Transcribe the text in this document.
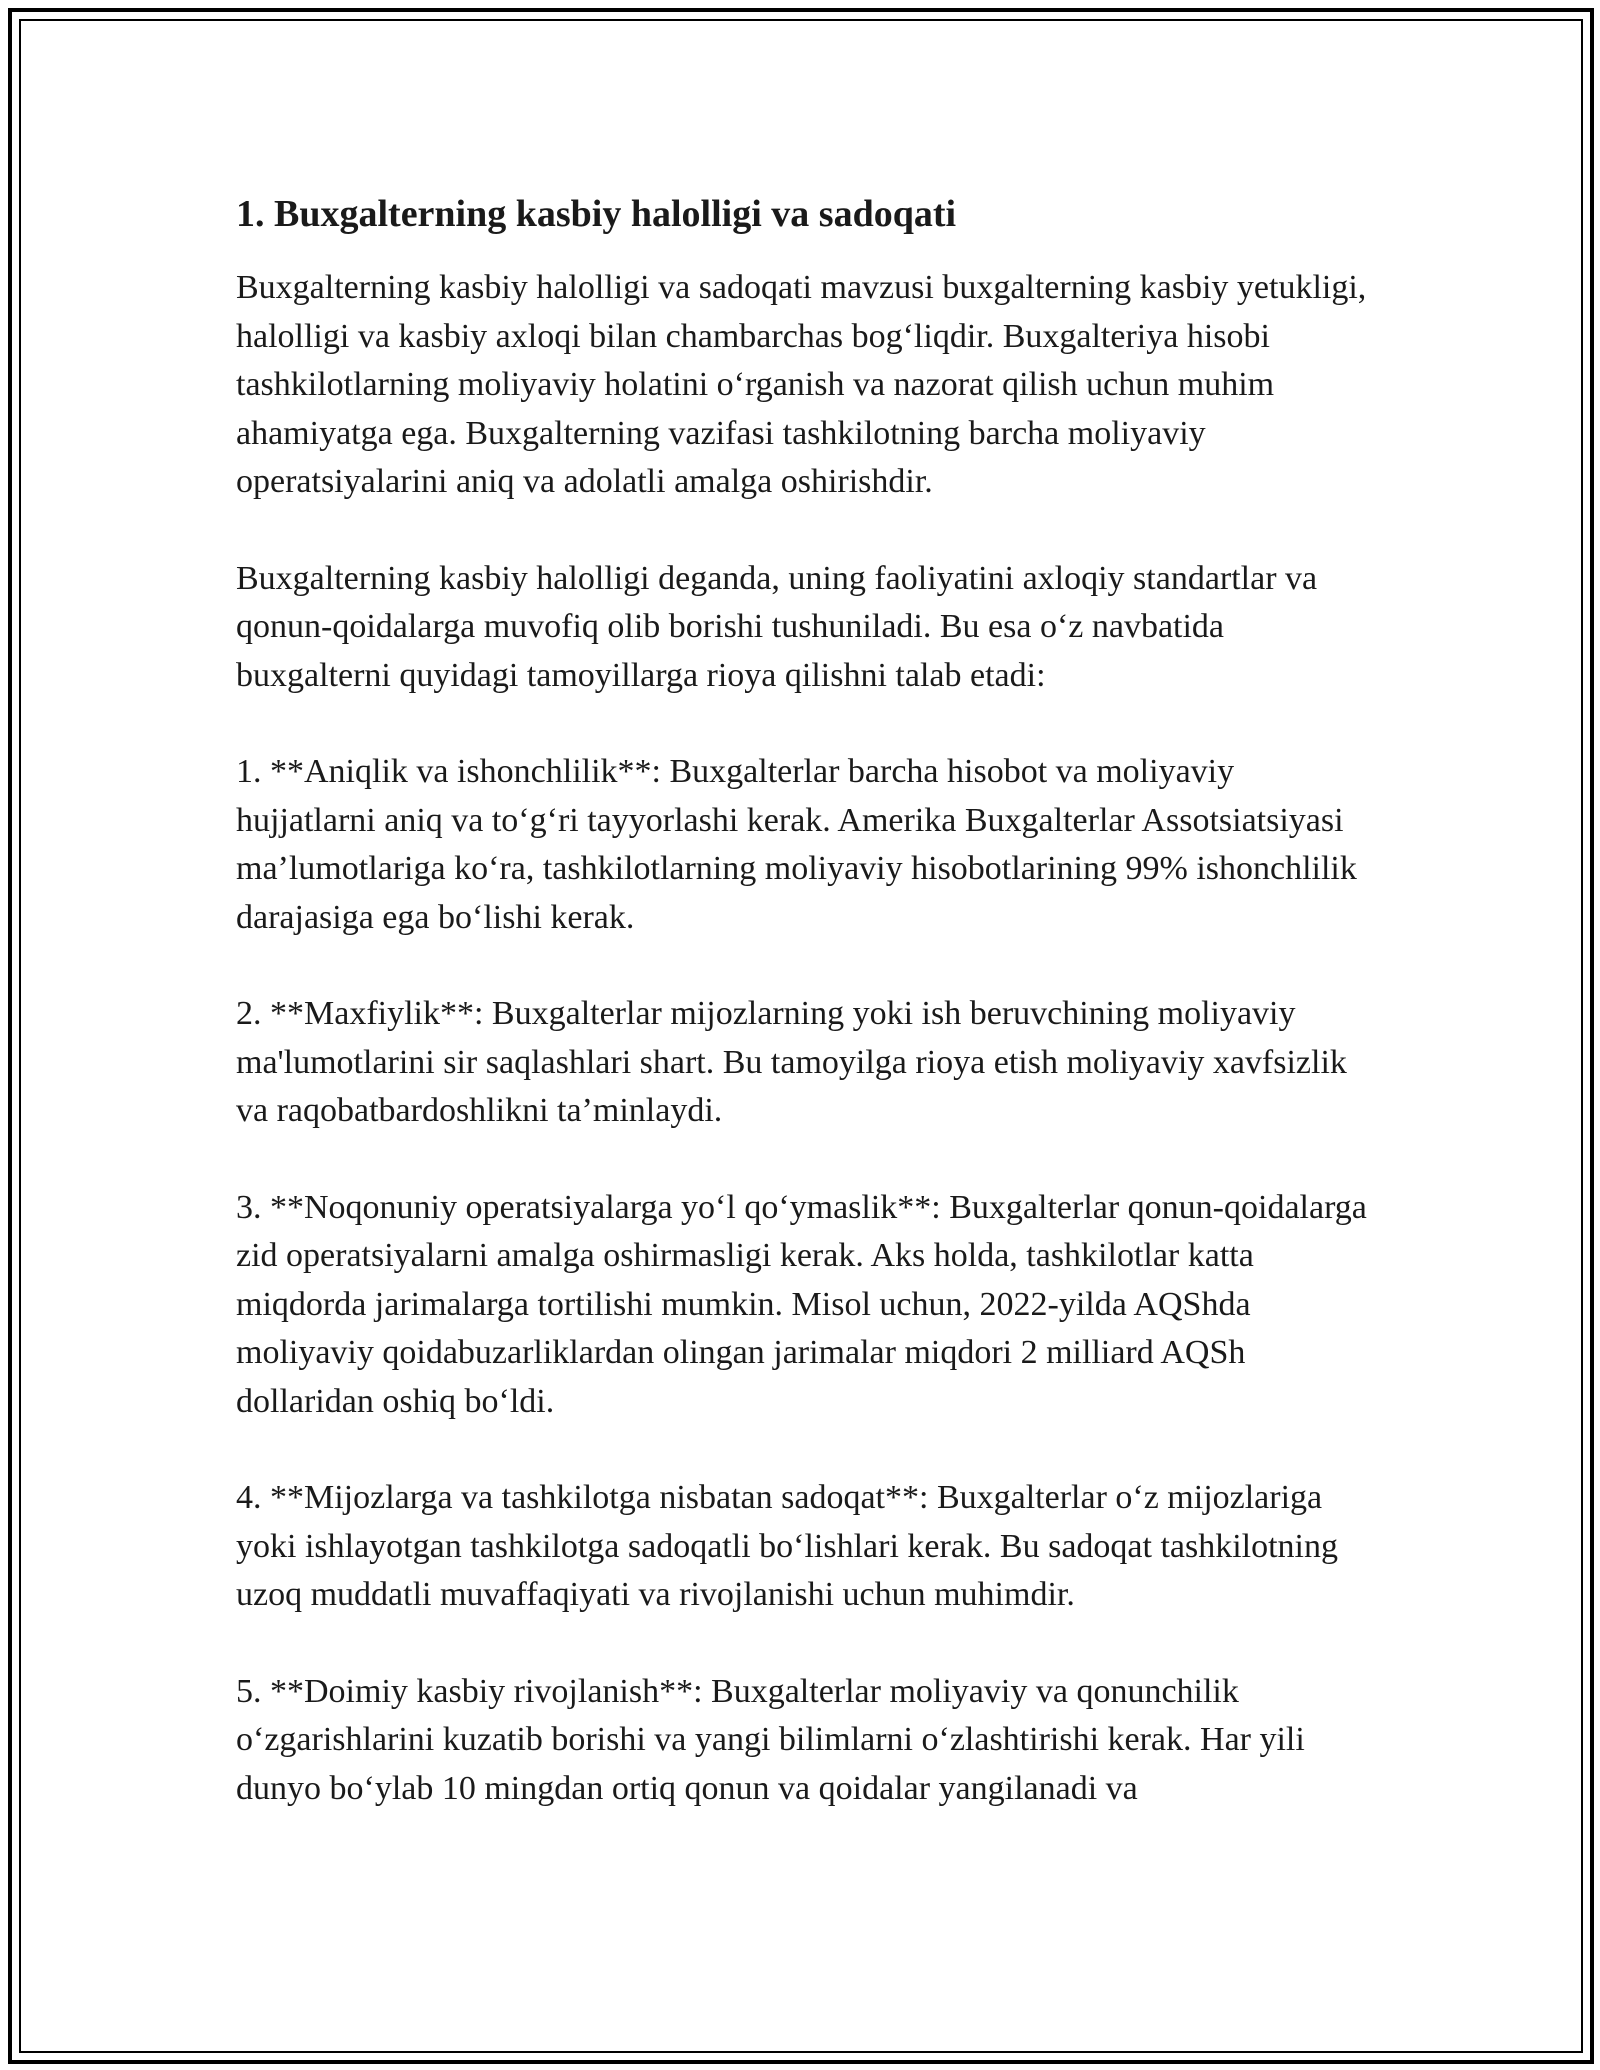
1. Buxgalterning kasbiy halolligi va sadoqati

Buxgalterning kasbiy halolligi va sadoqati mavzusi buxgalterning kasbiy yetukligi, halolligi va kasbiy axloqi bilan chambarchas bog‘liqdir. Buxgalteriya hisobi tashkilotlarning moliyaviy holatini o‘rganish va nazorat qilish uchun muhim ahamiyatga ega. Buxgalterning vazifasi tashkilotning barcha moliyaviy operatsiyalarini aniq va adolatli amalga oshirishdir.

Buxgalterning kasbiy halolligi deganda, uning faoliyatini axloqiy standartlar va qonun-qoidalarga muvofiq olib borishi tushuniladi. Bu esa o‘z navbatida buxgalterni quyidagi tamoyillarga rioya qilishni talab etadi:

1. **Aniqlik va ishonchlilik**: Buxgalterlar barcha hisobot va moliyaviy hujjatlarni aniq va to‘g‘ri tayyorlashi kerak. Amerika Buxgalterlar Assotsiatsiyasi ma’lumotlariga ko‘ra, tashkilotlarning moliyaviy hisobotlarining 99% ishonchlilik darajasiga ega bo‘lishi kerak.

2. **Maxfiylik**: Buxgalterlar mijozlarning yoki ish beruvchining moliyaviy ma'lumotlarini sir saqlashlari shart. Bu tamoyilga rioya etish moliyaviy xavfsizlik va raqobatbardoshlikni ta’minlaydi.

3. **Noqonuniy operatsiyalarga yo‘l qo‘ymaslik**: Buxgalterlar qonun-qoidalarga zid operatsiyalarni amalga oshirmasligi kerak. Aks holda, tashkilotlar katta miqdorda jarimalarga tortilishi mumkin. Misol uchun, 2022-yilda AQShda moliyaviy qoidabuzarliklardan olingan jarimalar miqdori 2 milliard AQSh dollaridan oshiq bo‘ldi.

4. **Mijozlarga va tashkilotga nisbatan sadoqat**: Buxgalterlar o‘z mijozlariga yoki ishlayotgan tashkilotga sadoqatli bo‘lishlari kerak. Bu sadoqat tashkilotning uzoq muddatli muvaffaqiyati va rivojlanishi uchun muhimdir.

5. **Doimiy kasbiy rivojlanish**: Buxgalterlar moliyaviy va qonunchilik o‘zgarishlarini kuzatib borishi va yangi bilimlarni o‘zlashtirishi kerak. Har yili dunyo bo‘ylab 10 mingdan ortiq qonun va qoidalar yangilanadi va
